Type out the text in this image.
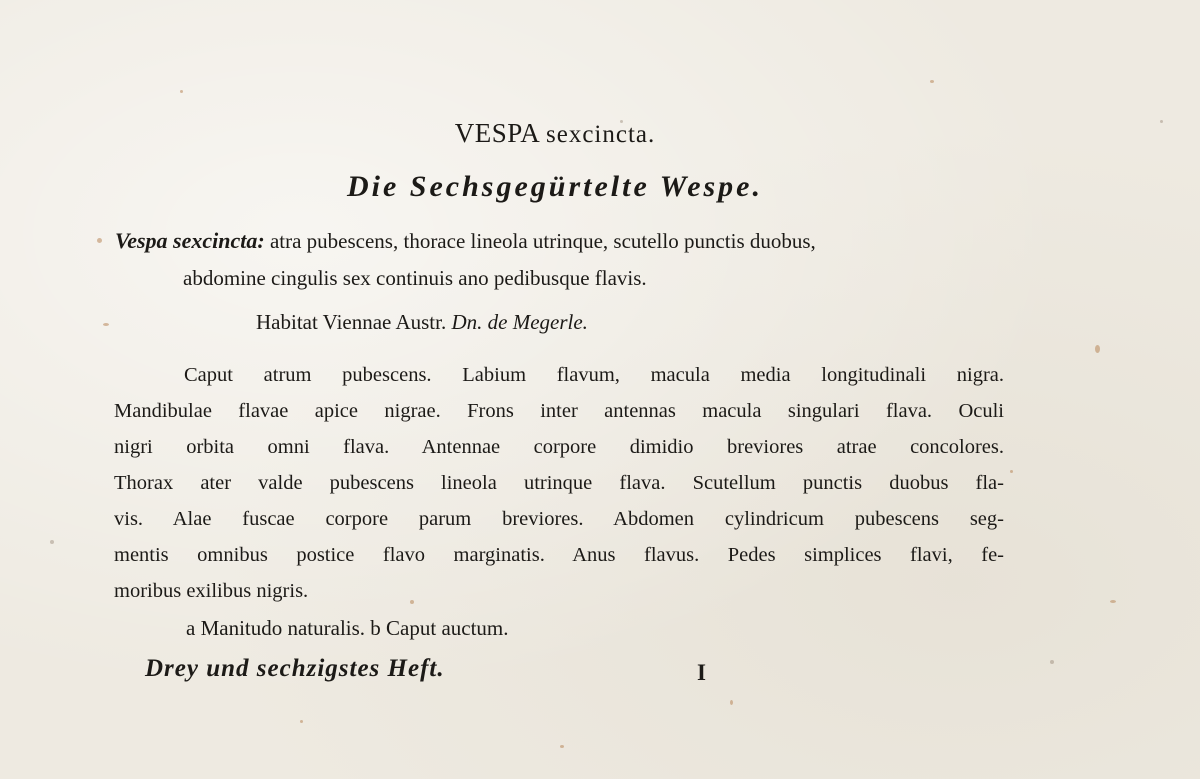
VESPA sexcincta.
Die Sechsgegürtelte Wespe.
Vespa sexcincta: atra pubescens, thorace lineola utrinque, scutello punctis duobus,
abdomine cingulis sex continuis ano pedibusque flavis.
Habitat Viennae Austr. Dn. de Megerle.
Caput atrum pubescens. Labium flavum, macula media longitudinali nigra.
Mandibulae flavae apice nigrae. Frons inter antennas macula singulari flava. Oculi
nigri orbita omni flava. Antennae corpore dimidio breviores atrae concolores.
Thorax ater valde pubescens lineola utrinque flava. Scutellum punctis duobus fla-
vis. Alae fuscae corpore parum breviores. Abdomen cylindricum pubescens seg-
mentis omnibus postice flavo marginatis. Anus flavus. Pedes simplices flavi, fe-
moribus exilibus nigris.
a Manitudo naturalis. b Caput auctum.
Drey und sechzigstes Heft.	I
